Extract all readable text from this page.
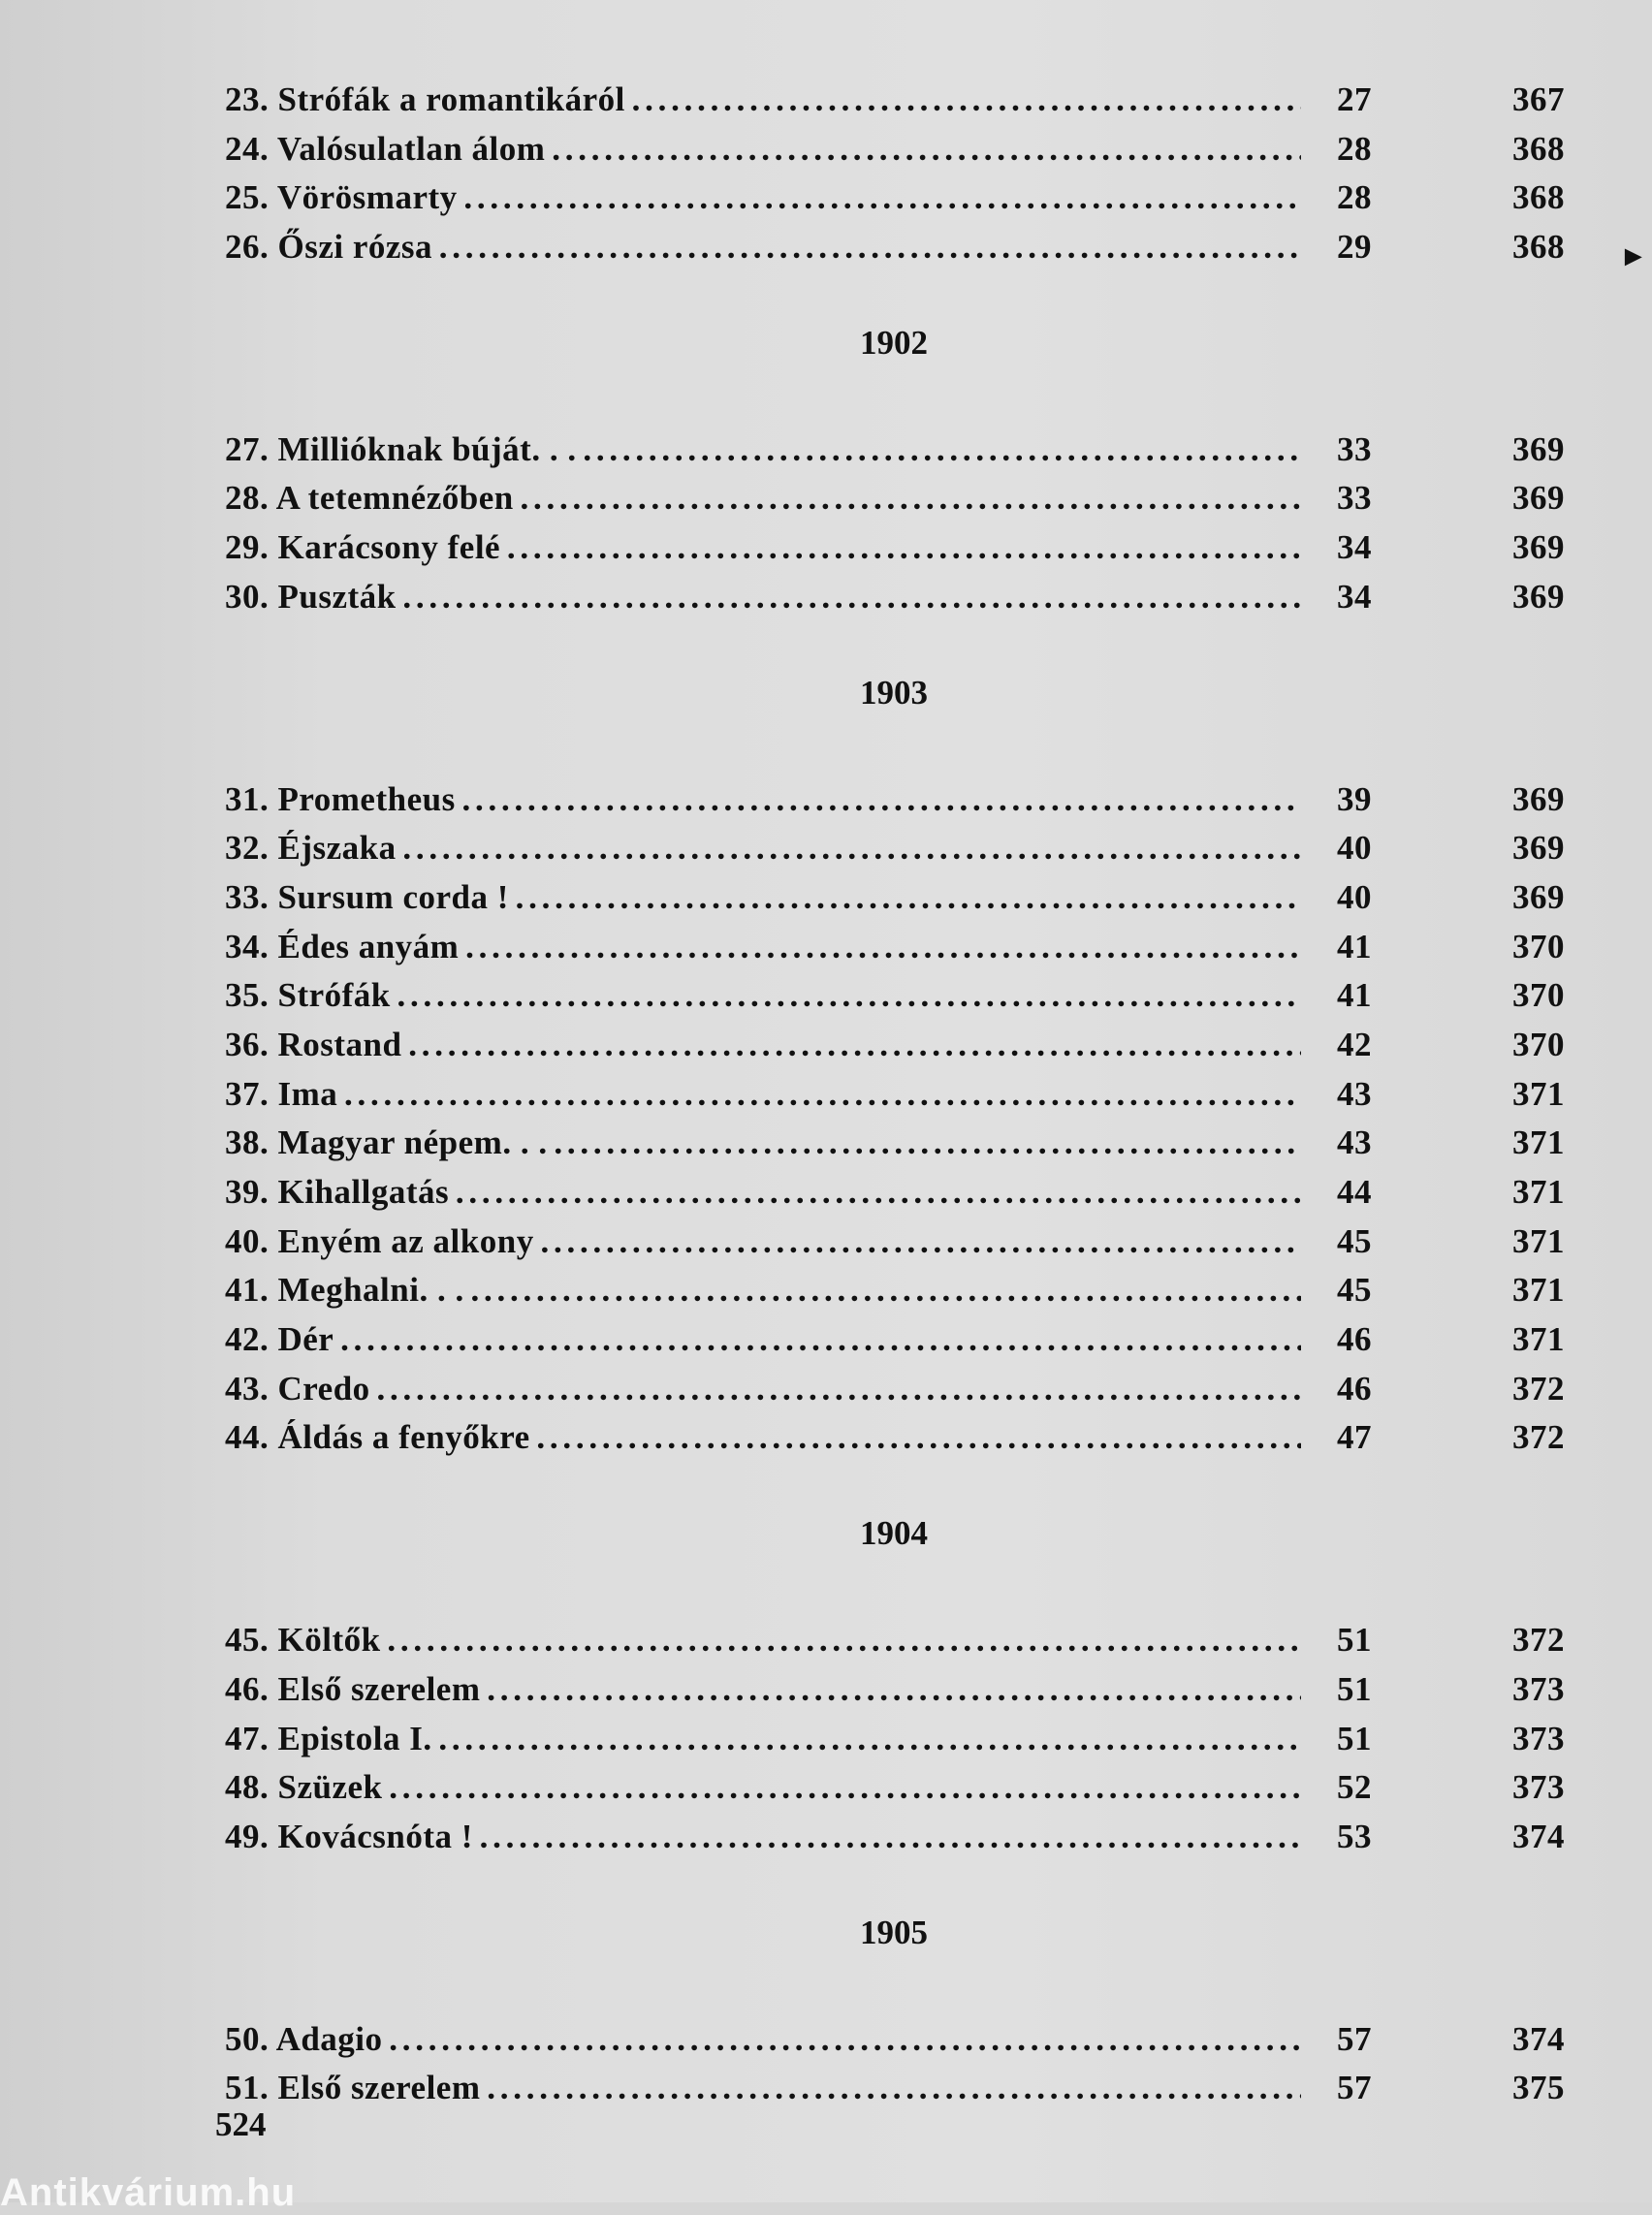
►
23. Strófák a romantikáról . . .	27	367
24. Valósulatlan álom . . .	28	368
25. Vörösmarty . . .	28	368
26. Őszi rózsa . . .	29	368
1902
27. Millióknak búját. . . . . .	33	369
28. A tetemnézőben . . .	33	369
29. Karácsony felé . . .	34	369
30. Puszták . . .	34	369
1903
31. Prometheus . . .	39	369
32. Éjszaka . . .	40	369
33. Sursum corda ! . . .	40	369
34. Édes anyám . . .	41	370
35. Strófák . . .	41	370
36. Rostand . . .	42	370
37. Ima . . .	43	371
38. Magyar népem. . . . . .	43	371
39. Kihallgatás . . .	44	371
40. Enyém az alkony . . .	45	371
41. Meghalni. . . . . .	45	371
42. Dér . . .	46	371
43. Credo . . .	46	372
44. Áldás a fenyőkre . . .	47	372
1904
45. Költők . . .	51	372
46. Első szerelem . . .	51	373
47. Epistola I. . . .	51	373
48. Szüzek . . .	52	373
49. Kovácsnóta ! . . .	53	374
1905
50. Adagio . . .	57	374
51. Első szerelem . . .	57	375
524
Antikvárium.hu
